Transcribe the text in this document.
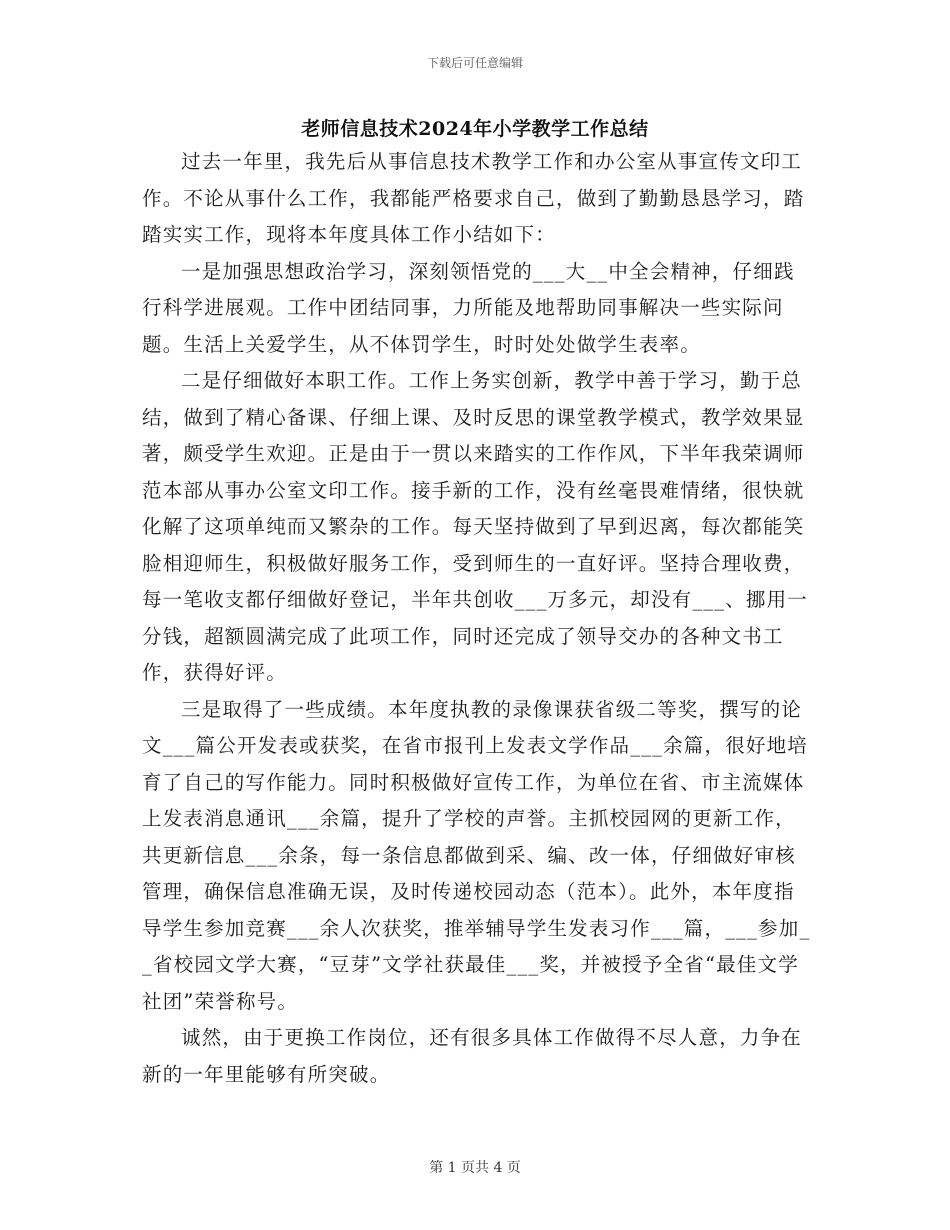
下载后可任意编辑
老师信息技术2024年小学教学工作总结

过去一年里，我先后从事信息技术教学工作和办公室从事宣传文印工作。不论从事什么工作，我都能严格要求自己，做到了勤勤恳恳学习，踏踏实实工作，现将本年度具体工作小结如下：

一是加强思想政治学习，深刻领悟党的___大__中全会精神，仔细践行科学进展观。工作中团结同事，力所能及地帮助同事解决一些实际问题。生活上关爱学生，从不体罚学生，时时处处做学生表率。

二是仔细做好本职工作。工作上务实创新，教学中善于学习，勤于总结，做到了精心备课、仔细上课、及时反思的课堂教学模式，教学效果显著，颇受学生欢迎。正是由于一贯以来踏实的工作作风，下半年我荣调师范本部从事办公室文印工作。接手新的工作，没有丝毫畏难情绪，很快就化解了这项单纯而又繁杂的工作。每天坚持做到了早到迟离，每次都能笑脸相迎师生，积极做好服务工作，受到师生的一直好评。坚持合理收费，每一笔收支都仔细做好登记，半年共创收___万多元，却没有___、挪用一分钱，超额圆满完成了此项工作，同时还完成了领导交办的各种文书工作，获得好评。

三是取得了一些成绩。本年度执教的录像课获省级二等奖，撰写的论文___篇公开发表或获奖，在省市报刊上发表文学作品___余篇，很好地培育了自己的写作能力。同时积极做好宣传工作，为单位在省、市主流媒体上发表消息通讯___余篇，提升了学校的声誉。主抓校园网的更新工作，共更新信息___余条，每一条信息都做到采、编、改一体，仔细做好审核管理，确保信息准确无误，及时传递校园动态（范本）。此外，本年度指导学生参加竞赛___余人次获奖，推举辅导学生发表习作___篇，___参加__省校园文学大赛，“豆芽”文学社获最佳___奖，并被授予全省“最佳文学社团”荣誉称号。

诚然，由于更换工作岗位，还有很多具体工作做得不尽人意，力争在新的一年里能够有所突破。

第 1 页共 4 页
